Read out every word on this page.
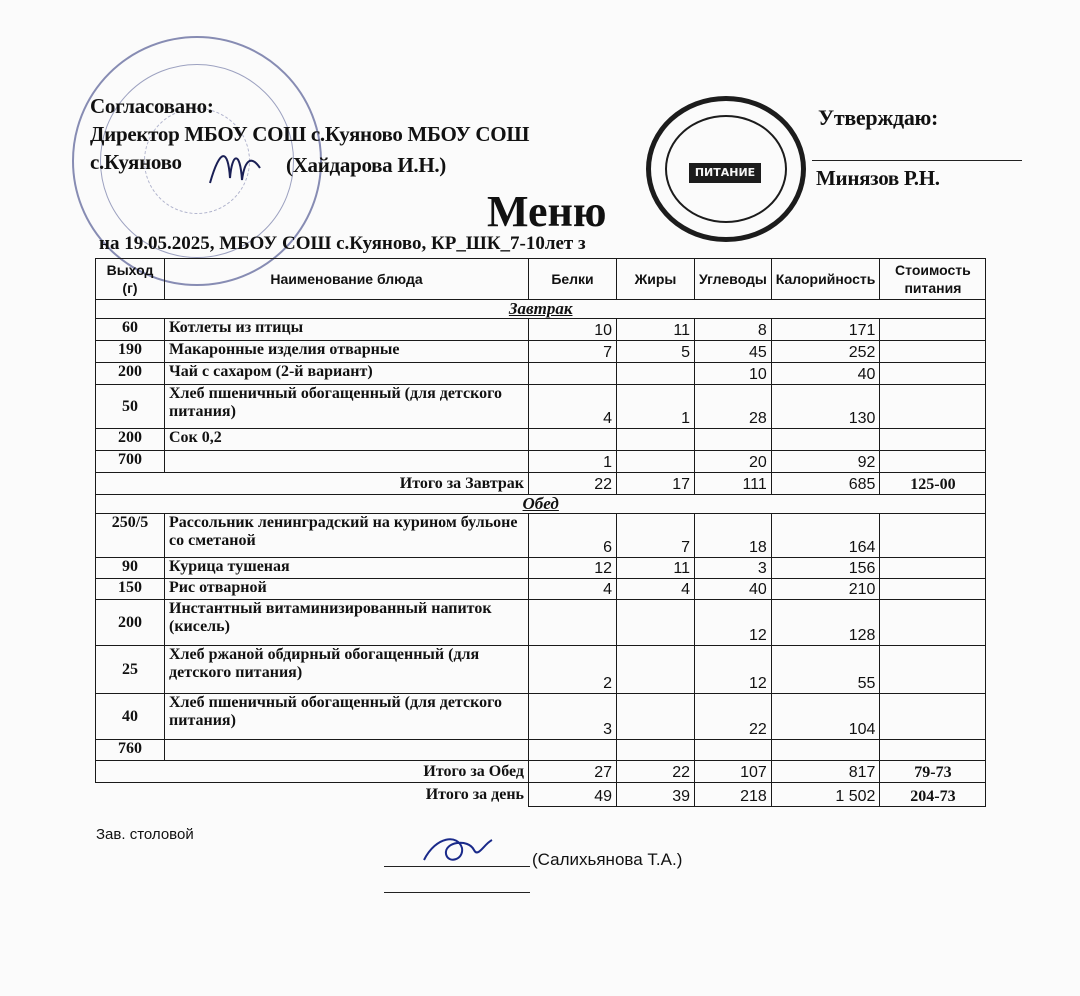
Согласовано:
Директор МБОУ СОШ с.Куяново МБОУ СОШ
с.Куяново	(Хайдарова И.Н.)	ПИТАНИЕ
Утверждаю:
Минязов Р.Н.
Меню
на 19.05.2025, МБОУ СОШ с.Куяново, КР_ШК_7-10лет з
Выход (г)	Наименование блюда	Белки	Жиры	Углеводы	Калорийность	Стоимость питания
Завтрак						
60	Котлеты из птицы	10	11	8	171	
190	Макаронные изделия отварные	7	5	45	252	
200	Чай с сахаром (2-й вариант)			10	40	
50	Хлеб пшеничный обогащенный (для детского питания)	4	1	28	130	
200	Сок 0,2					
700		1		20	92	
Итого за Завтрак		22	17	111	685	125-00
Обед						
250/5	Рассольник ленинградский на курином бульоне со сметаной	6	7	18	164	
90	Курица тушеная	12	11	3	156	
150	Рис отварной	4	4	40	210	
200	Инстантный витаминизированный напиток (кисель)			12	128	
25	Хлеб ржаной обдирный обогащенный (для детского питания)	2		12	55	
40	Хлеб пшеничный обогащенный (для детского питания)	3		22	104	
760						
Итого за Обед		27	22	107	817	79-73
Итого за день		49	39	218	1 502	204-73
Зав. столовой
(Салихьянова Т.А.)
